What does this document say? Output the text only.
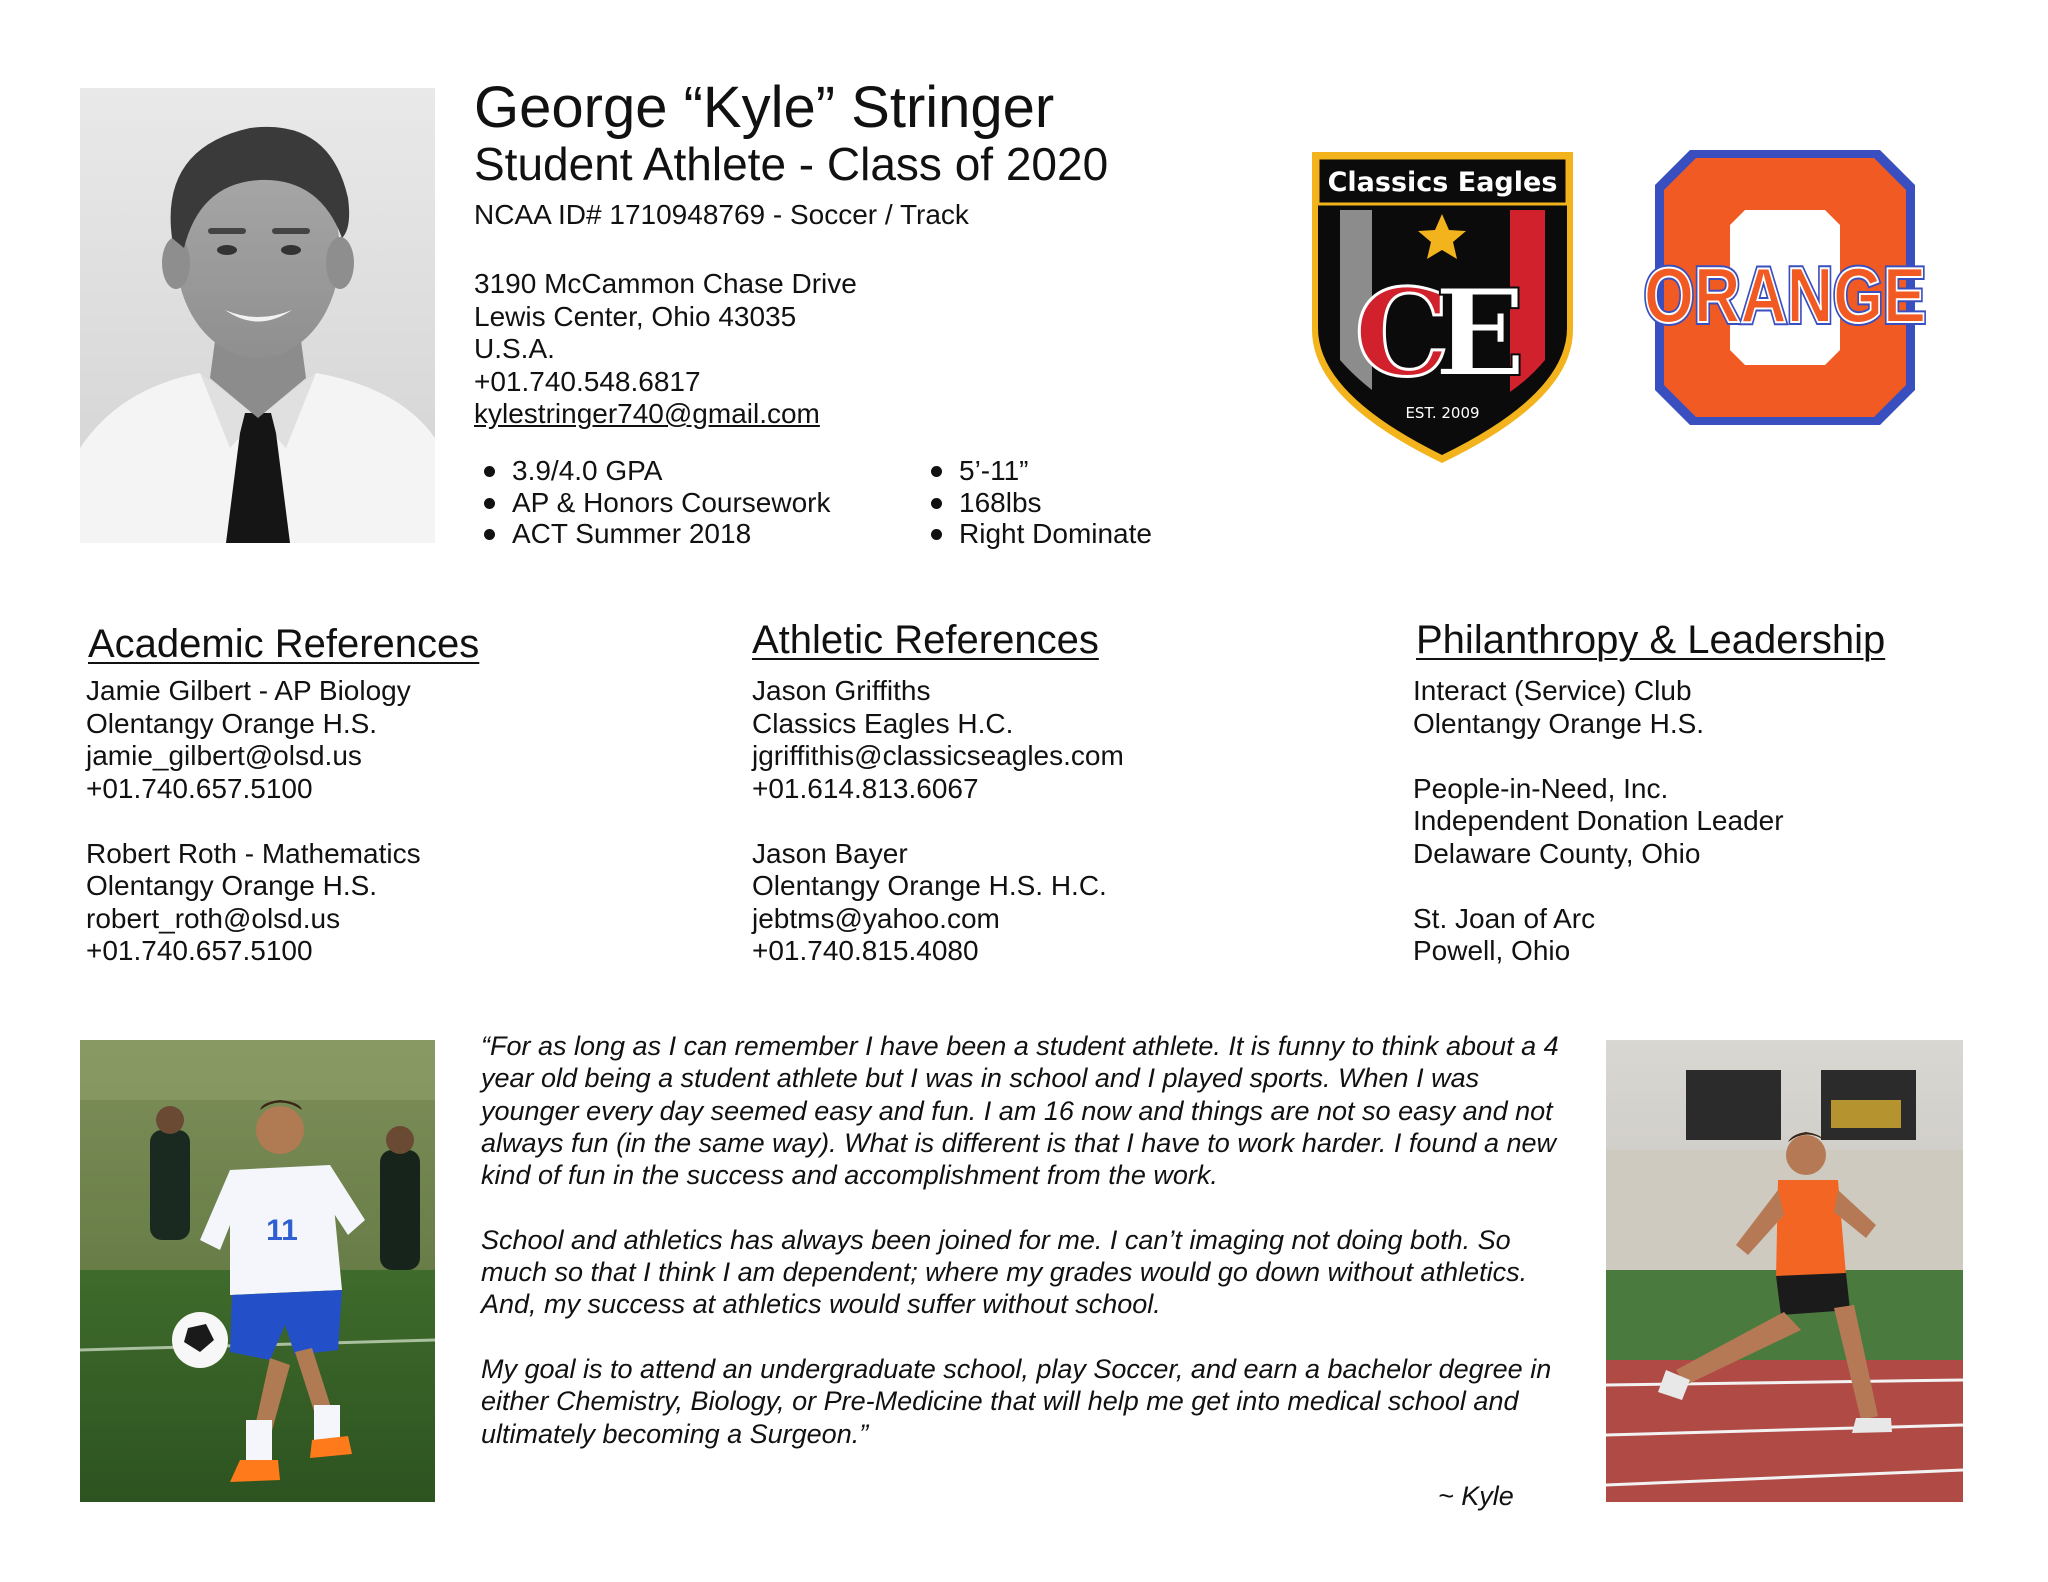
George “Kyle” Stringer
Student Athlete - Class of 2020
NCAA ID# 1710948769 - Soccer / Track
3190 McCammon Chase Drive
Lewis Center, Ohio 43035
U.S.A.
+01.740.548.6817
kylestringer740@gmail.com
3.9/4.0 GPA
AP & Honors Coursework
ACT Summer 2018
5’-11”
168lbs
Right Dominate
Classics Eagles
C
E
EST. 2009
ORANGE
ORANGE
Academic References
Jamie Gilbert - AP Biology
Olentangy Orange H.S.
jamie_gilbert@olsd.us
+01.740.657.5100
Robert Roth - Mathematics
Olentangy Orange H.S.
robert_roth@olsd.us
+01.740.657.5100
Athletic References
Jason Griffiths
Classics Eagles H.C.
jgriffithis@classicseagles.com
+01.614.813.6067
Jason Bayer
Olentangy Orange H.S. H.C.
jebtms@yahoo.com
+01.740.815.4080
Philanthropy & Leadership
Interact (Service) Club
Olentangy Orange H.S.
People-in-Need, Inc.
Independent Donation Leader
Delaware County, Ohio
St. Joan of Arc
Powell, Ohio
11

“For as long as I can remember I have been a student athlete. It is funny to think about a 4 year old being a student athlete but I was in school and I played sports. When I was younger every day seemed easy and fun. I am 16 now and things are not so easy and not always fun (in the same way). What is different is that I have to work harder. I found a new kind of fun in the success and accomplishment from the work.

School and athletics has always been joined for me. I can’t imaging not doing both. So much so that I think I am dependent; where my grades would go down without athletics. And, my success at athletics would suffer without school.

My goal is to attend an undergraduate school, play Soccer, and earn a bachelor degree in either Chemistry, Biology, or Pre-Medicine that will help me get into medical school and ultimately becoming a Surgeon.”

~ Kyle
